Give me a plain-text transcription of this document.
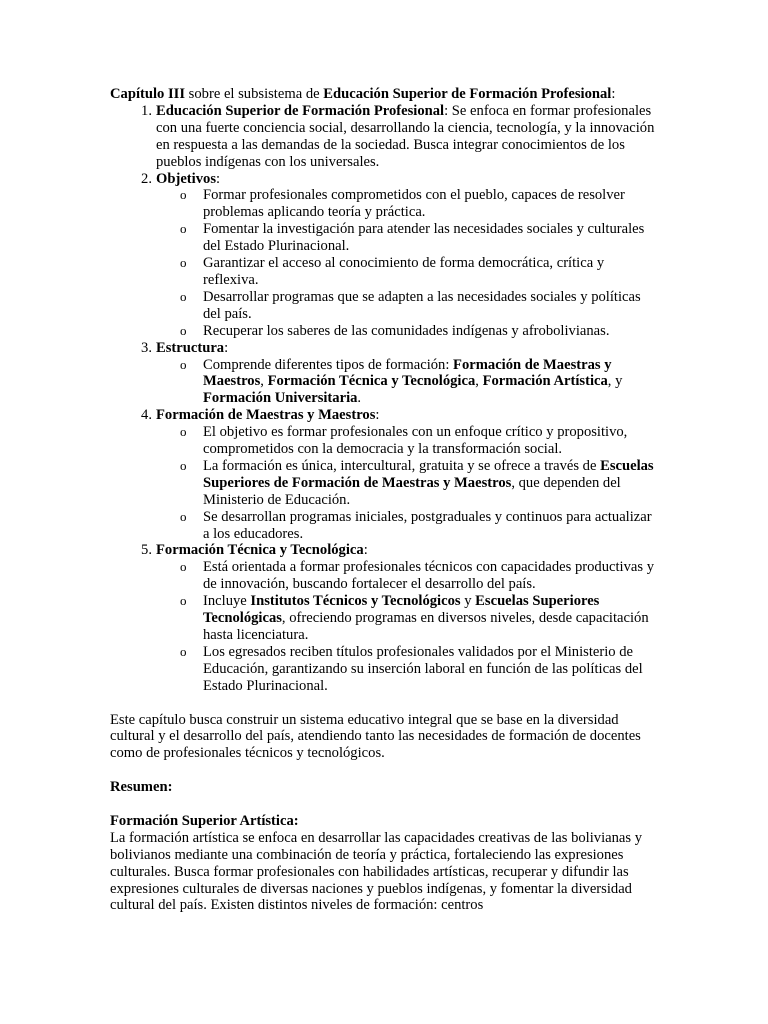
Capítulo III sobre el subsistema de Educación Superior de Formación Profesional:

1. Educación Superior de Formación Profesional: Se enfoca en formar profesionales con una fuerte conciencia social, desarrollando la ciencia, tecnología, y la innovación en respuesta a las demandas de la sociedad. Busca integrar conocimientos de los pueblos indígenas con los universales.
2. Objetivos:
o Formar profesionales comprometidos con el pueblo, capaces de resolver problemas aplicando teoría y práctica.
o Fomentar la investigación para atender las necesidades sociales y culturales del Estado Plurinacional.
o Garantizar el acceso al conocimiento de forma democrática, crítica y reflexiva.
o Desarrollar programas que se adapten a las necesidades sociales y políticas del país.
o Recuperar los saberes de las comunidades indígenas y afrobolivianas.
3. Estructura:
o Comprende diferentes tipos de formación: Formación de Maestras y Maestros, Formación Técnica y Tecnológica, Formación Artística, y Formación Universitaria.
4. Formación de Maestras y Maestros:
o El objetivo es formar profesionales con un enfoque crítico y propositivo, comprometidos con la democracia y la transformación social.
o La formación es única, intercultural, gratuita y se ofrece a través de Escuelas Superiores de Formación de Maestras y Maestros, que dependen del Ministerio de Educación.
o Se desarrollan programas iniciales, postgraduales y continuos para actualizar a los educadores.
5. Formación Técnica y Tecnológica:
o Está orientada a formar profesionales técnicos con capacidades productivas y de innovación, buscando fortalecer el desarrollo del país.
o Incluye Institutos Técnicos y Tecnológicos y Escuelas Superiores Tecnológicas, ofreciendo programas en diversos niveles, desde capacitación hasta licenciatura.
o Los egresados reciben títulos profesionales validados por el Ministerio de Educación, garantizando su inserción laboral en función de las políticas del Estado Plurinacional.

Este capítulo busca construir un sistema educativo integral que se base en la diversidad cultural y el desarrollo del país, atendiendo tanto las necesidades de formación de docentes como de profesionales técnicos y tecnológicos.

Resumen:

Formación Superior Artística:

La formación artística se enfoca en desarrollar las capacidades creativas de las bolivianas y bolivianos mediante una combinación de teoría y práctica, fortaleciendo las expresiones culturales. Busca formar profesionales con habilidades artísticas, recuperar y difundir las expresiones culturales de diversas naciones y pueblos indígenas, y fomentar la diversidad cultural del país. Existen distintos niveles de formación: centros
